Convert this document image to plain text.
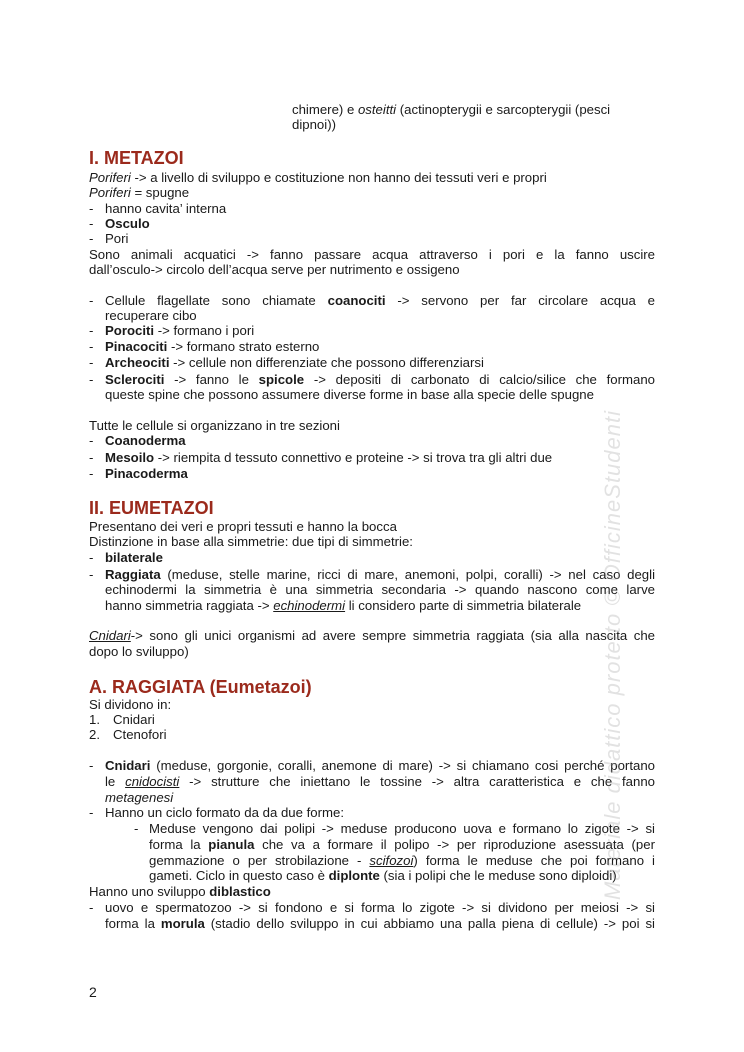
chimere) e osteitti (actinopterygii e sarcopterygii (pesci
dipnoi))
I. METAZOI
Poriferi -> a livello di sviluppo e costituzione non hanno dei tessuti veri e propri
Poriferi = spugne
- hanno cavita’ interna
- Osculo
- Pori
Sono animali acquatici -> fanno passare acqua attraverso i pori e la fanno uscire
dall’osculo-> circolo dell’acqua serve per nutrimento e ossigeno
- Cellule flagellate sono chiamate coanociti -> servono per far circolare acqua e
recuperare cibo
- Porociti -> formano i pori
- Pinacociti -> formano strato esterno
- Archeociti -> cellule non differenziate che possono differenziarsi
- Sclerociti -> fanno le spicole -> depositi di carbonato di calcio/silice che formano
queste spine che possono assumere diverse forme in base alla specie delle spugne
Tutte le cellule si organizzano in tre sezioni
- Coanoderma
- Mesoilo -> riempita d tessuto connettivo e proteine -> si trova tra gli altri due
- Pinacoderma
II. EUMETAZOI
Presentano dei veri e propri tessuti e hanno la bocca
Distinzione in base alla simmetrie: due tipi di simmetrie:
- bilaterale
- Raggiata (meduse, stelle marine, ricci di mare, anemoni, polpi, coralli) -> nel caso degli
echinodermi la simmetria è una simmetria secondaria -> quando nascono come larve
hanno simmetria raggiata -> echinodermi li considero parte di simmetria bilaterale
Cnidari-> sono gli unici organismi ad avere sempre simmetria raggiata (sia alla nascita che
dopo lo sviluppo)
A. RAGGIATA (Eumetazoi)
Si dividono in:
1. Cnidari
2. Ctenofori
- Cnidari (meduse, gorgonie, coralli, anemone di mare) -> si chiamano cosi perché portano
le cnidocisti -> strutture che iniettano le tossine -> altra caratteristica e che fanno
metagenesi
- Hanno un ciclo formato da da due forme:
- Meduse vengono dai polipi -> meduse producono uova e formano lo zigote -> si
forma la pianula che va a formare il polipo -> per riproduzione asessuata (per
gemmazione o per strobilazione - scifozoi) forma le meduse che poi formano i
gameti. Ciclo in questo caso è diplonte (sia i polipi che le meduse sono diploidi)
Hanno uno sviluppo diblastico
- uovo e spermatozoo -> si fondono e si forma lo zigote -> si dividono per meiosi -> si
forma la morula (stadio dello sviluppo in cui abbiamo una palla piena di cellule) -> poi si
Materiale didattico protetto © OfficineStudenti
2
